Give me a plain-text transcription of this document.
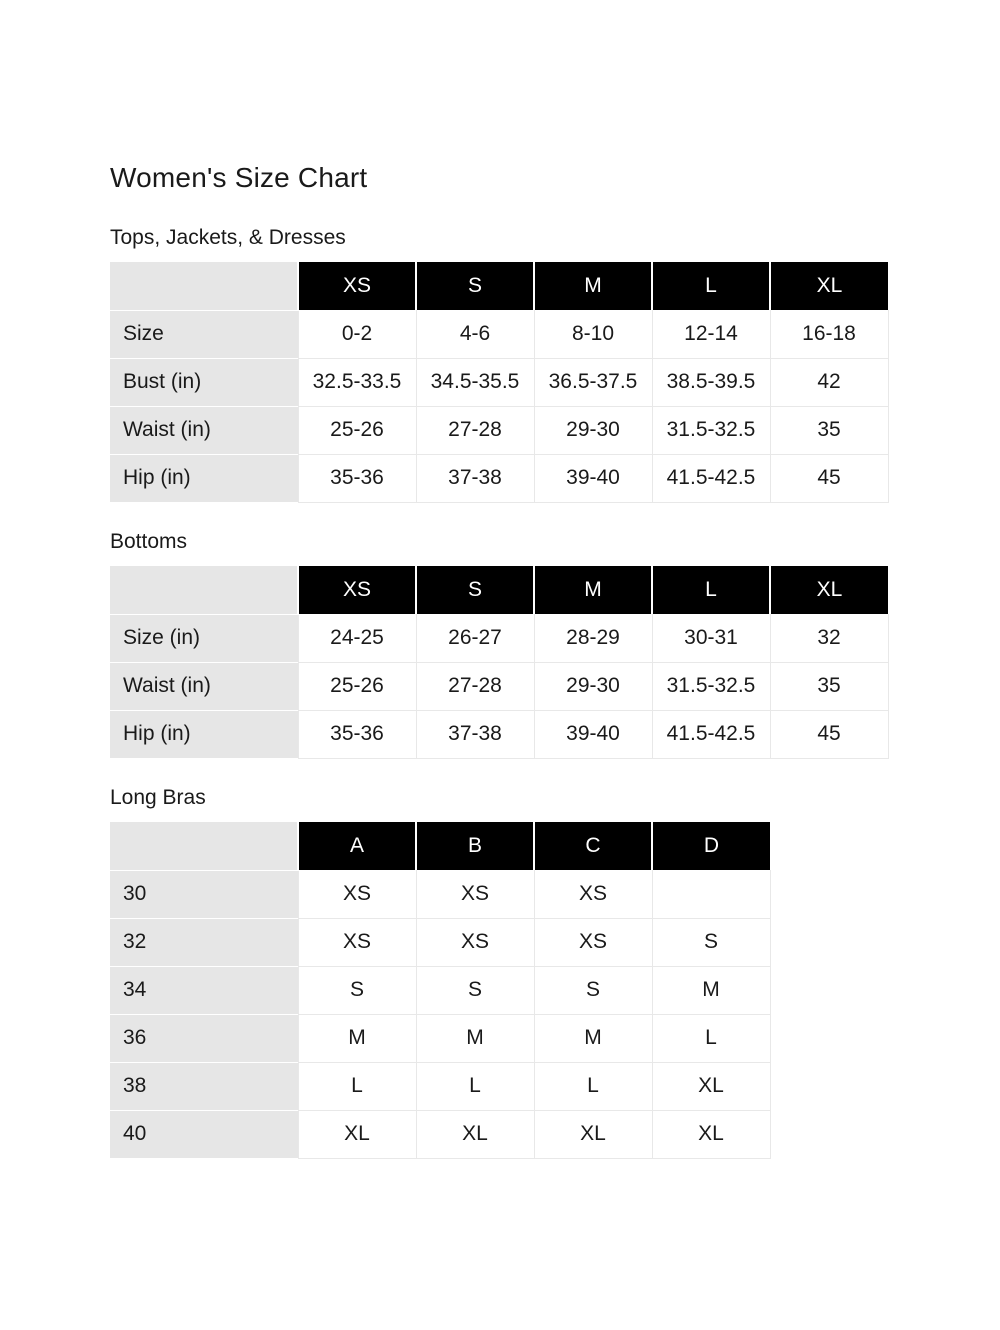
Women's Size Chart
Tops, Jackets, & Dresses
	XS	S	M	L	XL
Size	0-2	4-6	8-10	12-14	16-18
Bust (in)	32.5-33.5	34.5-35.5	36.5-37.5	38.5-39.5	42
Waist (in)	25-26	27-28	29-30	31.5-32.5	35
Hip (in)	35-36	37-38	39-40	41.5-42.5	45
Bottoms
	XS	S	M	L	XL
Size (in)	24-25	26-27	28-29	30-31	32
Waist (in)	25-26	27-28	29-30	31.5-32.5	35
Hip (in)	35-36	37-38	39-40	41.5-42.5	45
Long Bras
	A	B	C	D
30	XS	XS	XS	
32	XS	XS	XS	S
34	S	S	S	M
36	M	M	M	L
38	L	L	L	XL
40	XL	XL	XL	XL
